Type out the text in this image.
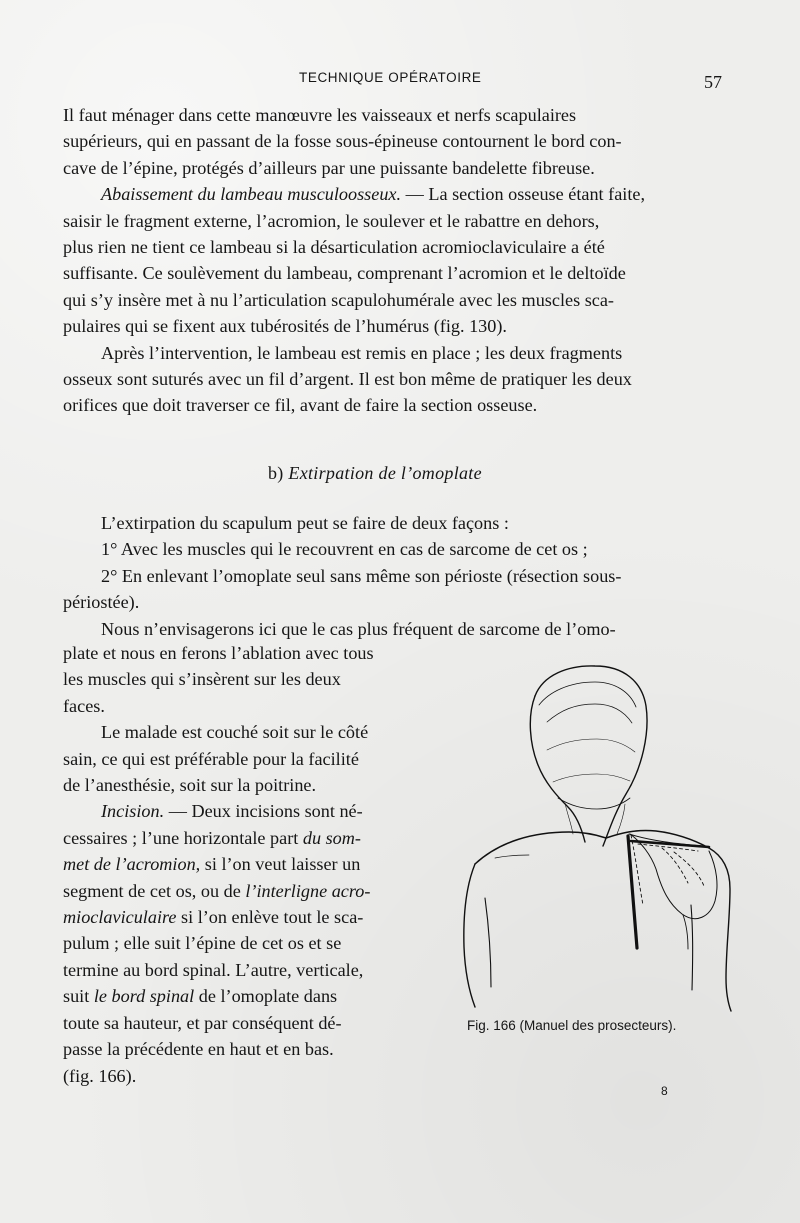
TECHNIQUE OPÉRATOIRE	57
Il faut ménager dans cette manœuvre les vaisseaux et nerfs scapulaires
supérieurs, qui en passant de la fosse sous-épineuse contournent le bord con-
cave de l’épine, protégés d’ailleurs par une puissante bandelette fibreuse.
Abaissement du lambeau musculoosseux. — La section osseuse étant faite,
saisir le fragment externe, l’acromion, le soulever et le rabattre en dehors,
plus rien ne tient ce lambeau si la désarticulation acromioclaviculaire a été
suffisante. Ce soulèvement du lambeau, comprenant l’acromion et le deltoïde
qui s’y insère met à nu l’articulation scapulohumérale avec les muscles sca-
pulaires qui se fixent aux tubérosités de l’humérus (fig. 130).
Après l’intervention, le lambeau est remis en place ; les deux fragments
osseux sont suturés avec un fil d’argent. Il est bon même de pratiquer les deux
orifices que doit traverser ce fil, avant de faire la section osseuse.
b) Extirpation de l’omoplate

L’extirpation du scapulum peut se faire de deux façons :

1° Avec les muscles qui le recouvrent en cas de sarcome de cet os ;

2° En enlevant l’omoplate seul sans même son périoste (résection sous-

périostée).

Nous n’envisagerons ici que le cas plus fréquent de sarcome de l’omo-

plate et nous en ferons l’ablation avec tous
les muscles qui s’insèrent sur les deux
faces.
Le malade est couché soit sur le côté
sain, ce qui est préférable pour la facilité
de l’anesthésie, soit sur la poitrine.
Incision. — Deux incisions sont né-
cessaires ; l’une horizontale part du som-
met de l’acromion, si l’on veut laisser un
segment de cet os, ou de l’interligne acro-
mioclaviculaire si l’on enlève tout le sca-
pulum ; elle suit l’épine de cet os et se
termine au bord spinal. L’autre, verticale,
suit le bord spinal de l’omoplate dans
toute sa hauteur, et par conséquent dé-
passe la précédente en haut et en bas.
(fig. 166).
Fig. 166 (Manuel des prosecteurs).
8
